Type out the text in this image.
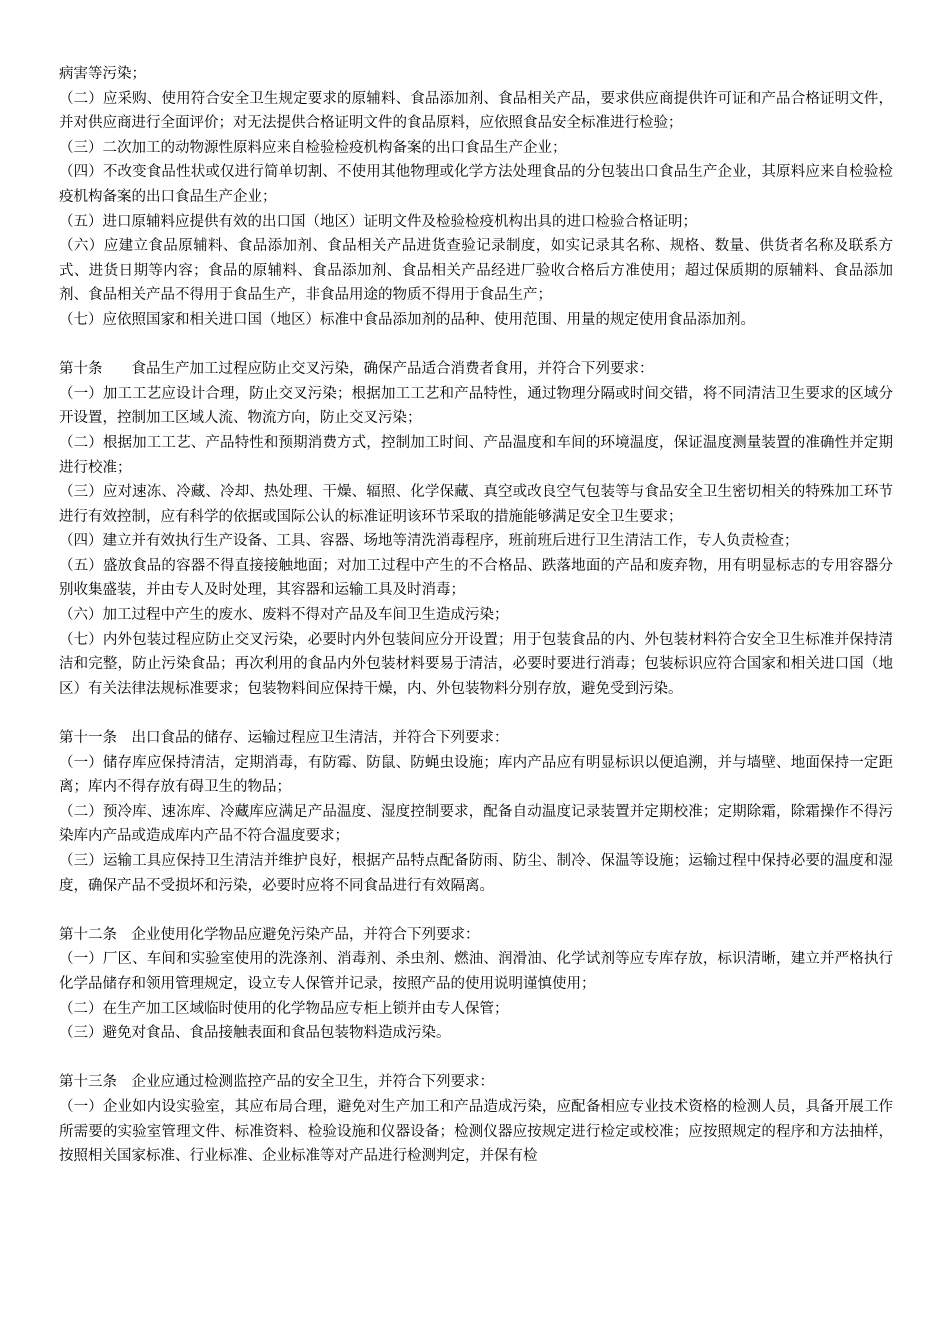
病害等污染；

（二）应采购、使用符合安全卫生规定要求的原辅料、食品添加剂、食品相关产品，要求供应商提供许可证和产品合格证明文件，并对供应商进行全面评价；对无法提供合格证明文件的食品原料，应依照食品安全标准进行检验；

（三）二次加工的动物源性原料应来自检验检疫机构备案的出口食品生产企业；

（四）不改变食品性状或仅进行简单切割、不使用其他物理或化学方法处理食品的分包装出口食品生产企业，其原料应来自检验检疫机构备案的出口食品生产企业；

（五）进口原辅料应提供有效的出口国（地区）证明文件及检验检疫机构出具的进口检验合格证明；

（六）应建立食品原辅料、食品添加剂、食品相关产品进货查验记录制度，如实记录其名称、规格、数量、供货者名称及联系方式、进货日期等内容；食品的原辅料、食品添加剂、食品相关产品经进厂验收合格后方准使用；超过保质期的原辅料、食品添加剂、食品相关产品不得用于食品生产，非食品用途的物质不得用于食品生产；

（七）应依照国家和相关进口国（地区）标准中食品添加剂的品种、使用范围、用量的规定使用食品添加剂。

第十条　　食品生产加工过程应防止交叉污染，确保产品适合消费者食用，并符合下列要求：

（一）加工工艺应设计合理，防止交叉污染；根据加工工艺和产品特性，通过物理分隔或时间交错，将不同清洁卫生要求的区域分开设置，控制加工区域人流、物流方向，防止交叉污染；

（二）根据加工工艺、产品特性和预期消费方式，控制加工时间、产品温度和车间的环境温度，保证温度测量装置的准确性并定期进行校准；

（三）应对速冻、冷藏、冷却、热处理、干燥、辐照、化学保藏、真空或改良空气包装等与食品安全卫生密切相关的特殊加工环节进行有效控制，应有科学的依据或国际公认的标准证明该环节采取的措施能够满足安全卫生要求；

（四）建立并有效执行生产设备、工具、容器、场地等清洗消毒程序，班前班后进行卫生清洁工作，专人负责检查；

（五）盛放食品的容器不得直接接触地面；对加工过程中产生的不合格品、跌落地面的产品和废弃物，用有明显标志的专用容器分别收集盛装，并由专人及时处理，其容器和运输工具及时消毒；

（六）加工过程中产生的废水、废料不得对产品及车间卫生造成污染；

（七）内外包装过程应防止交叉污染，必要时内外包装间应分开设置；用于包装食品的内、外包装材料符合安全卫生标准并保持清洁和完整，防止污染食品；再次利用的食品内外包装材料要易于清洁，必要时要进行消毒；包装标识应符合国家和相关进口国（地区）有关法律法规标准要求；包装物料间应保持干燥，内、外包装物料分别存放，避免受到污染。

第十一条　出口食品的储存、运输过程应卫生清洁，并符合下列要求：

（一）储存库应保持清洁，定期消毒，有防霉、防鼠、防蝇虫设施；库内产品应有明显标识以便追溯，并与墙壁、地面保持一定距离；库内不得存放有碍卫生的物品；

（二）预冷库、速冻库、冷藏库应满足产品温度、湿度控制要求，配备自动温度记录装置并定期校准；定期除霜，除霜操作不得污染库内产品或造成库内产品不符合温度要求；

（三）运输工具应保持卫生清洁并维护良好，根据产品特点配备防雨、防尘、制冷、保温等设施；运输过程中保持必要的温度和湿度，确保产品不受损坏和污染，必要时应将不同食品进行有效隔离。

第十二条　企业使用化学物品应避免污染产品，并符合下列要求：

（一）厂区、车间和实验室使用的洗涤剂、消毒剂、杀虫剂、燃油、润滑油、化学试剂等应专库存放，标识清晰，建立并严格执行化学品储存和领用管理规定，设立专人保管并记录，按照产品的使用说明谨慎使用；

（二）在生产加工区域临时使用的化学物品应专柜上锁并由专人保管；

（三）避免对食品、食品接触表面和食品包装物料造成污染。

第十三条　企业应通过检测监控产品的安全卫生，并符合下列要求：

（一）企业如内设实验室，其应布局合理，避免对生产加工和产品造成污染，应配备相应专业技术资格的检测人员，具备开展工作所需要的实验室管理文件、标准资料、检验设施和仪器设备；检测仪器应按规定进行检定或校准；应按照规定的程序和方法抽样，按照相关国家标准、行业标准、企业标准等对产品进行检测判定，并保有检
